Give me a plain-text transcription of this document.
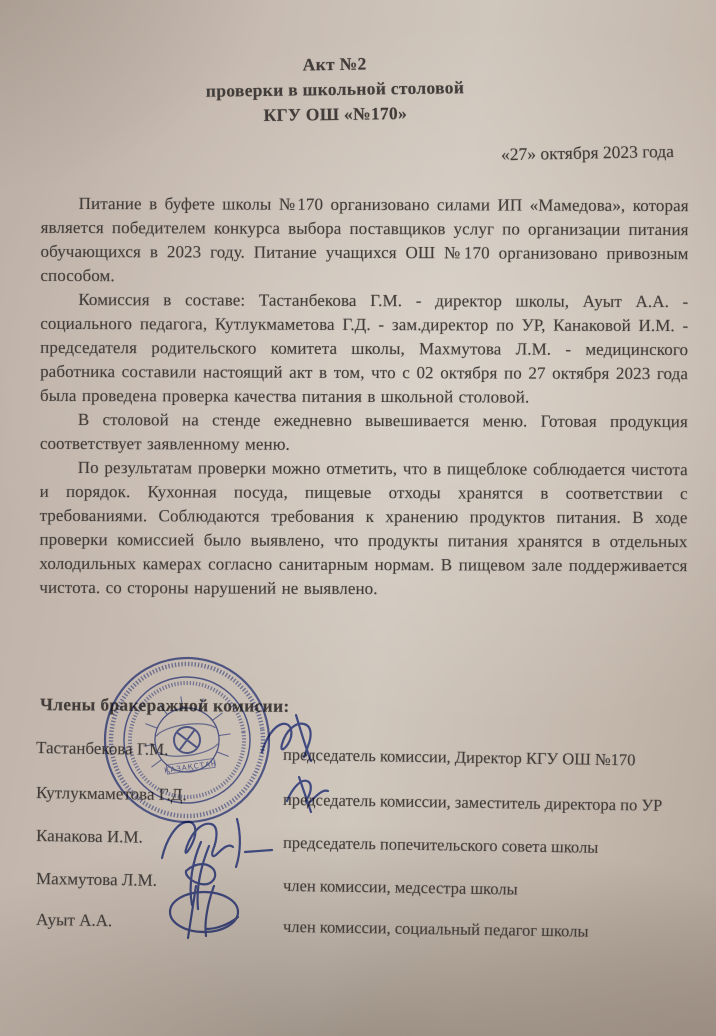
Акт №2
проверки в школьной столовой
КГУ ОШ «№170»
«27» октября 2023 года

Питание в буфете школы №170 организовано силами ИП «Мамедова», которая является победителем конкурса выбора поставщиков услуг по организации питания обучающихся в 2023 году. Питание учащихся ОШ №170 организовано привозным способом.

Комиссия в составе: Тастанбекова Г.М. - директор школы, Ауыт А.А. - социального педагога, Кутлукмаметова Г.Д. - зам.директор по УР, Канаковой И.М. - председателя родительского комитета школы, Махмутова Л.М. - медицинского работника составили настоящий акт в том, что с 02 октября по 27 октября 2023 года была проведена проверка качества питания в школьной столовой.

В столовой на стенде ежедневно вывешивается меню. Готовая продукция соответствует заявленному меню.

По результатам проверки можно отметить, что в пищеблоке соблюдается чистота и порядок. Кухонная посуда, пищевые отходы хранятся в соответствии с требованиями. Соблюдаются требования к хранению продуктов питания. В ходе проверки комиссией было выявлено, что продукты питания хранятся в отдельных холодильных камерах согласно санитарным нормам. В пищевом зале поддерживается чистота. со стороны нарушений не выявлено.

Члены бракеражной комисии:
Тастанбекова Г.М.	председатель комиссии, Директор КГУ ОШ №170
Кутлукмаметова Г.Д.	председатель комиссии, заместитель директора по УР
Канакова И.М.	председатель попечительского совета школы
Махмутова Л.М.	член комиссии, медсестра школы
Ауыт А.А.	член комиссии, социальный педагог школы
ҚАЗАҚСТАН
